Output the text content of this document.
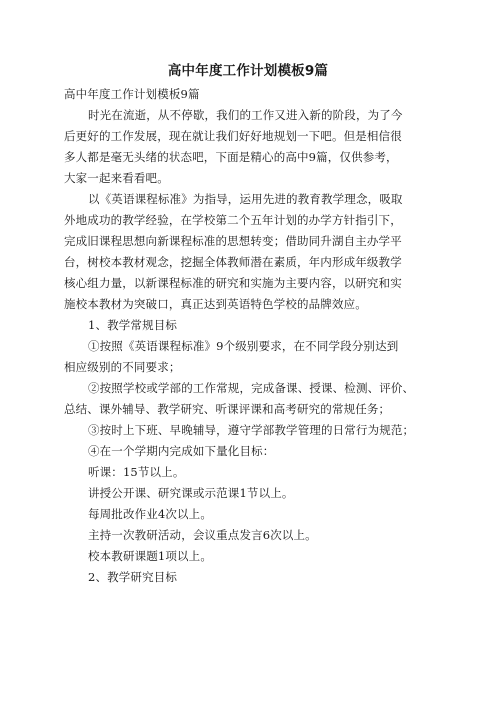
高中年度工作计划模板9篇
高中年度工作计划模板9篇
时光在流逝，从不停歇，我们的工作又进入新的阶段，为了今
后更好的工作发展，现在就让我们好好地规划一下吧。但是相信很
多人都是毫无头绪的状态吧，下面是精心的高中9篇，仅供参考，
大家一起来看看吧。
以《英语课程标准》为指导，运用先进的教育教学理念，吸取
外地成功的教学经验，在学校第二个五年计划的办学方针指引下，
完成旧课程思想向新课程标准的思想转变；借助同升湖自主办学平
台，树校本教材观念，挖掘全体教师潜在素质，年内形成年级教学
核心组力量，以新课程标准的研究和实施为主要内容，以研究和实
施校本教材为突破口，真正达到英语特色学校的品牌效应。
1、教学常规目标
①按照《英语课程标准》9个级别要求，在不同学段分别达到
相应级别的不同要求；
②按照学校或学部的工作常规，完成备课、授课、检测、评价、
总结、课外辅导、教学研究、听课评课和高考研究的常规任务；
③按时上下班、早晚辅导，遵守学部教学管理的日常行为规范；
④在一个学期内完成如下量化目标：
听课：15节以上。
讲授公开课、研究课或示范课1节以上。
每周批改作业4次以上。
主持一次教研活动，会议重点发言6次以上。
校本教研课题1项以上。
2、教学研究目标
